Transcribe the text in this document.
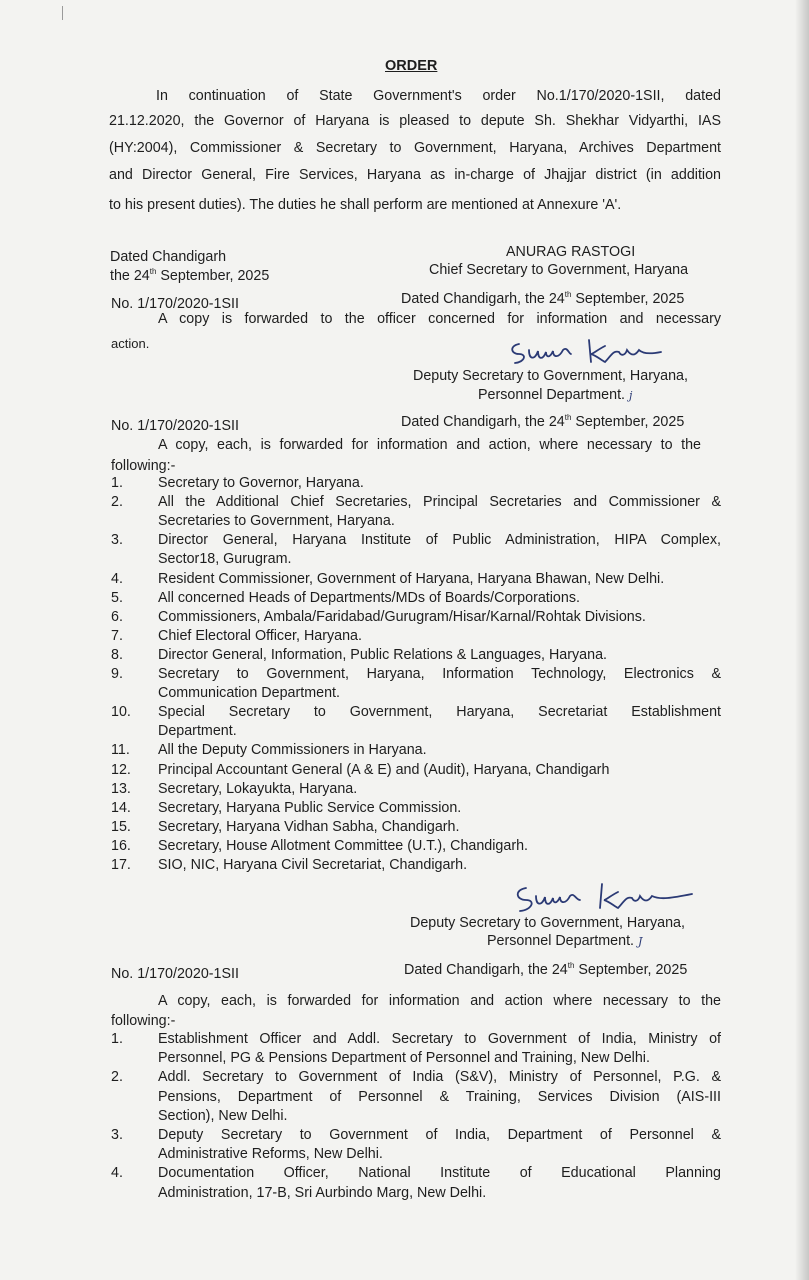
ORDER
In continuation of State Government's order No.1/170/2020-1SII, dated
21.12.2020, the Governor of Haryana is pleased to depute Sh. Shekhar Vidyarthi, IAS
(HY:2004), Commissioner & Secretary to Government, Haryana, Archives Department
and Director General, Fire Services, Haryana as in-charge of Jhajjar district (in addition
to his present duties). The duties he shall perform are mentioned at Annexure 'A'.
Dated Chandigarh
the 24th September, 2025
ANURAG RASTOGI
Chief Secretary to Government, Haryana
No. 1/170/2020-1SII	Dated Chandigarh, the 24th September, 2025
A copy is forwarded to the officer concerned for information and necessary
action.
Deputy Secretary to Government, Haryana,
Personnel Department. j
No. 1/170/2020-1SII	Dated Chandigarh, the 24th September, 2025
A copy, each, is forwarded for information and action, where necessary to the
following:-
1. Secretary to Governor, Haryana.
2. All the Additional Chief Secretaries, Principal Secretaries and Commissioner &
Secretaries to Government, Haryana.
3. Director General, Haryana Institute of Public Administration, HIPA Complex,
Sector18, Gurugram.
4. Resident Commissioner, Government of Haryana, Haryana Bhawan, New Delhi.
5. All concerned Heads of Departments/MDs of Boards/Corporations.
6. Commissioners, Ambala/Faridabad/Gurugram/Hisar/Karnal/Rohtak Divisions.
7. Chief Electoral Officer, Haryana.
8. Director General, Information, Public Relations & Languages, Haryana.
9. Secretary to Government, Haryana, Information Technology, Electronics &
Communication Department.
10. Special Secretary to Government, Haryana, Secretariat Establishment
Department.
11. All the Deputy Commissioners in Haryana.
12. Principal Accountant General (A & E) and (Audit), Haryana, Chandigarh
13. Secretary, Lokayukta, Haryana.
14. Secretary, Haryana Public Service Commission.
15. Secretary, Haryana Vidhan Sabha, Chandigarh.
16. Secretary, House Allotment Committee (U.T.), Chandigarh.
17. SIO, NIC, Haryana Civil Secretariat, Chandigarh.
Deputy Secretary to Government, Haryana,
Personnel Department. J
No. 1/170/2020-1SII	Dated Chandigarh, the 24th September, 2025
A copy, each, is forwarded for information and action where necessary to the
following:-
1. Establishment Officer and Addl. Secretary to Government of India, Ministry of
Personnel, PG & Pensions Department of Personnel and Training, New Delhi.
2. Addl. Secretary to Government of India (S&V), Ministry of Personnel, P.G. &
Pensions, Department of Personnel & Training, Services Division (AIS-III
Section), New Delhi.
3. Deputy Secretary to Government of India, Department of Personnel &
Administrative Reforms, New Delhi.
4. Documentation Officer, National Institute of Educational Planning
Administration, 17-B, Sri Aurbindo Marg, New Delhi.
